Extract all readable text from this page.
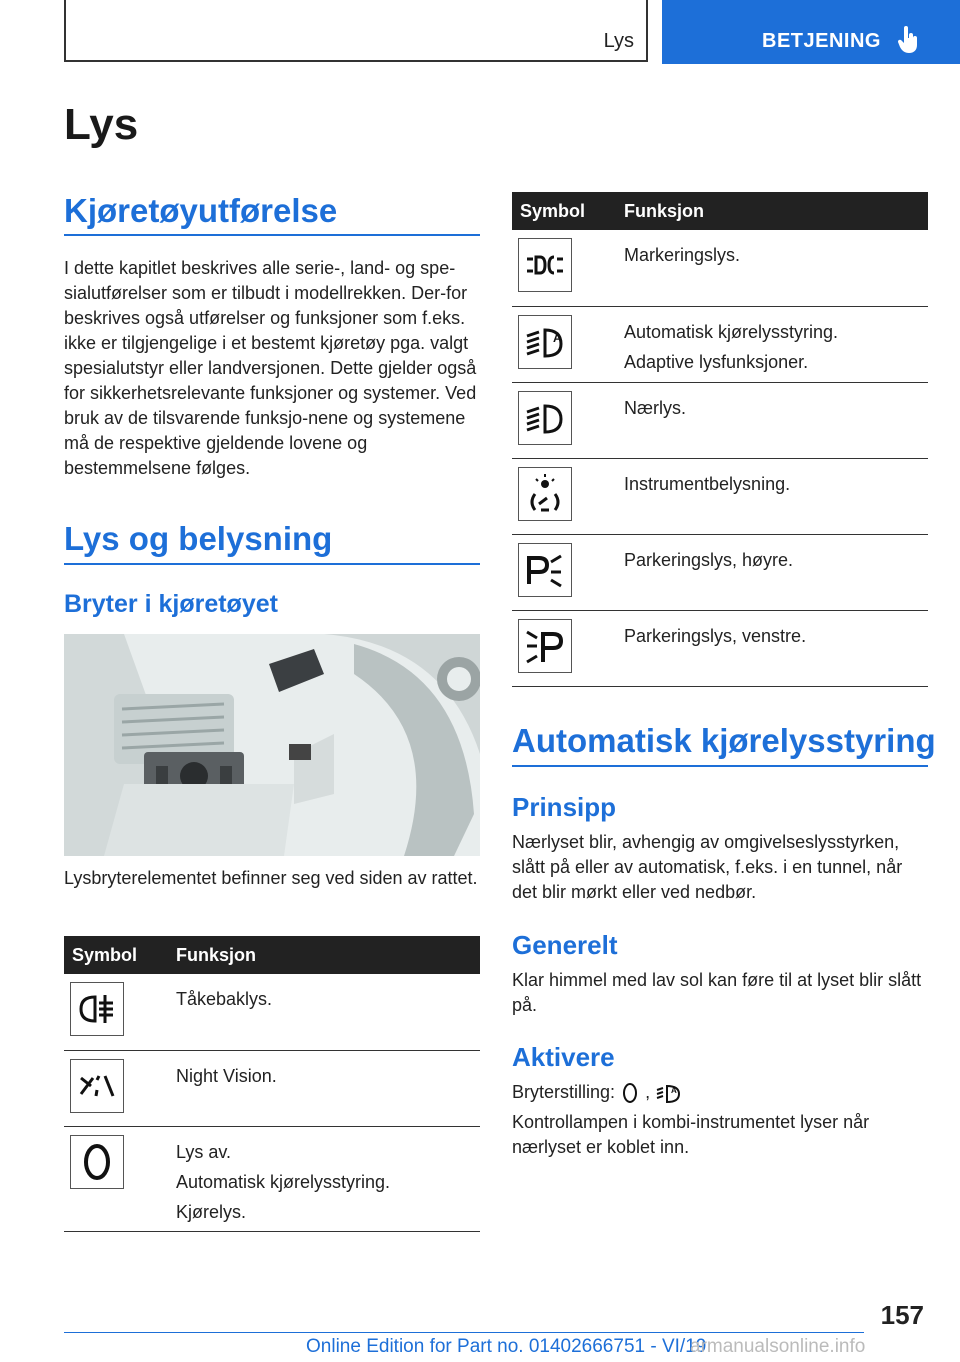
Lys	BETJENING
Lys
Kjøretøyutførelse

I dette kapitlet beskrives alle serie-, land- og spe-sialutførelser som er tilbudt i modellrekken. Der-for beskrives også utførelser og funksjoner som f.eks. ikke er tilgjengelige i et bestemt kjøretøy pga. valgt spesialutstyr eller landversjonen. Dette gjelder også for sikkerhetsrelevante funksjoner og systemer. Ved bruk av de tilsvarende funksjo-nene og systemene må de respektive gjeldende lovene og bestemmelsene følges.

Lys og belysning
Bryter i kjøretøyet

Lysbryterelementet befinner seg ved siden av rattet.

Symbol	Funksjon

Tåkebaklys.

Night Vision.

Lys av.
Automatisk kjørelysstyring.
Kjørelys.
Symbol	Funksjon

Markeringslys.

A	Automatisk kjørelysstyring.
Adaptive lysfunksjoner.

Nærlys.

Instrumentbelysning.

Parkeringslys, høyre.

Parkeringslys, venstre.
Automatisk kjørelysstyring
Prinsipp

Nærlyset blir, avhengig av omgivelseslysstyrken, slått på eller av automatisk, f.eks. i en tunnel, når det blir mørkt eller ved nedbør.

Generelt

Klar himmel med lav sol kan føre til at lyset blir slått på.

Aktivere

Bryterstilling: ,	A

Kontrollampen i kombi-instrumentet lyser når nærlyset er koblet inn.

157
Online Edition for Part no. 01402666751 - VI/19
armanualsonline.info
